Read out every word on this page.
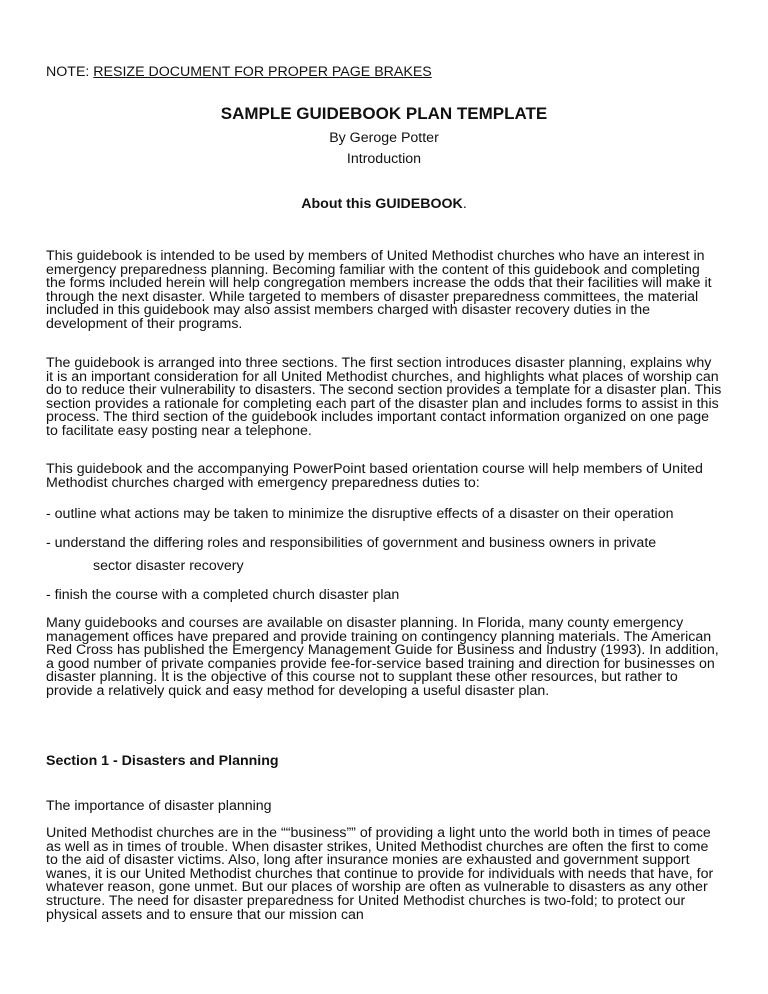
NOTE: RESIZE DOCUMENT FOR PROPER PAGE BRAKES

SAMPLE GUIDEBOOK PLAN TEMPLATE

By Geroge Potter

Introduction

About this GUIDEBOOK.

This guidebook is intended to be used by members of United Methodist churches who have an interest in emergency preparedness planning. Becoming familiar with the content of this guidebook and completing the forms included herein will help congregation members increase the odds that their facilities will make it through the next disaster. While targeted to members of disaster preparedness committees, the material included in this guidebook may also assist members charged with disaster recovery duties in the development of their programs.

The guidebook is arranged into three sections. The first section introduces disaster planning, explains why it is an important consideration for all United Methodist churches, and highlights what places of worship can do to reduce their vulnerability to disasters. The second section provides a template for a disaster plan. This section provides a rationale for completing each part of the disaster plan and includes forms to assist in this process. The third section of the guidebook includes important contact information organized on one page to facilitate easy posting near a telephone.

This guidebook and the accompanying PowerPoint based orientation course will help members of United Methodist churches charged with emergency preparedness duties to:

- outline what actions may be taken to minimize the disruptive effects of a disaster on their operation

- understand the differing roles and responsibilities of government and business owners in private

sector disaster recovery

- finish the course with a completed church disaster plan

Many guidebooks and courses are available on disaster planning. In Florida, many county emergency management offices have prepared and provide training on contingency planning materials. The American Red Cross has published the Emergency Management Guide for Business and Industry (1993). In addition, a good number of private companies provide fee-for-service based training and direction for businesses on disaster planning. It is the objective of this course not to supplant these other resources, but rather to provide a relatively quick and easy method for developing a useful disaster plan.

Section 1 - Disasters and Planning

The importance of disaster planning

United Methodist churches are in the ““business”” of providing a light unto the world both in times of peace as well as in times of trouble. When disaster strikes, United Methodist churches are often the first to come to the aid of disaster victims. Also, long after insurance monies are exhausted and government support wanes, it is our United Methodist churches that continue to provide for individuals with needs that have, for whatever reason, gone unmet. But our places of worship are often as vulnerable to disasters as any other structure. The need for disaster preparedness for United Methodist churches is two-fold; to protect our physical assets and to ensure that our mission can
